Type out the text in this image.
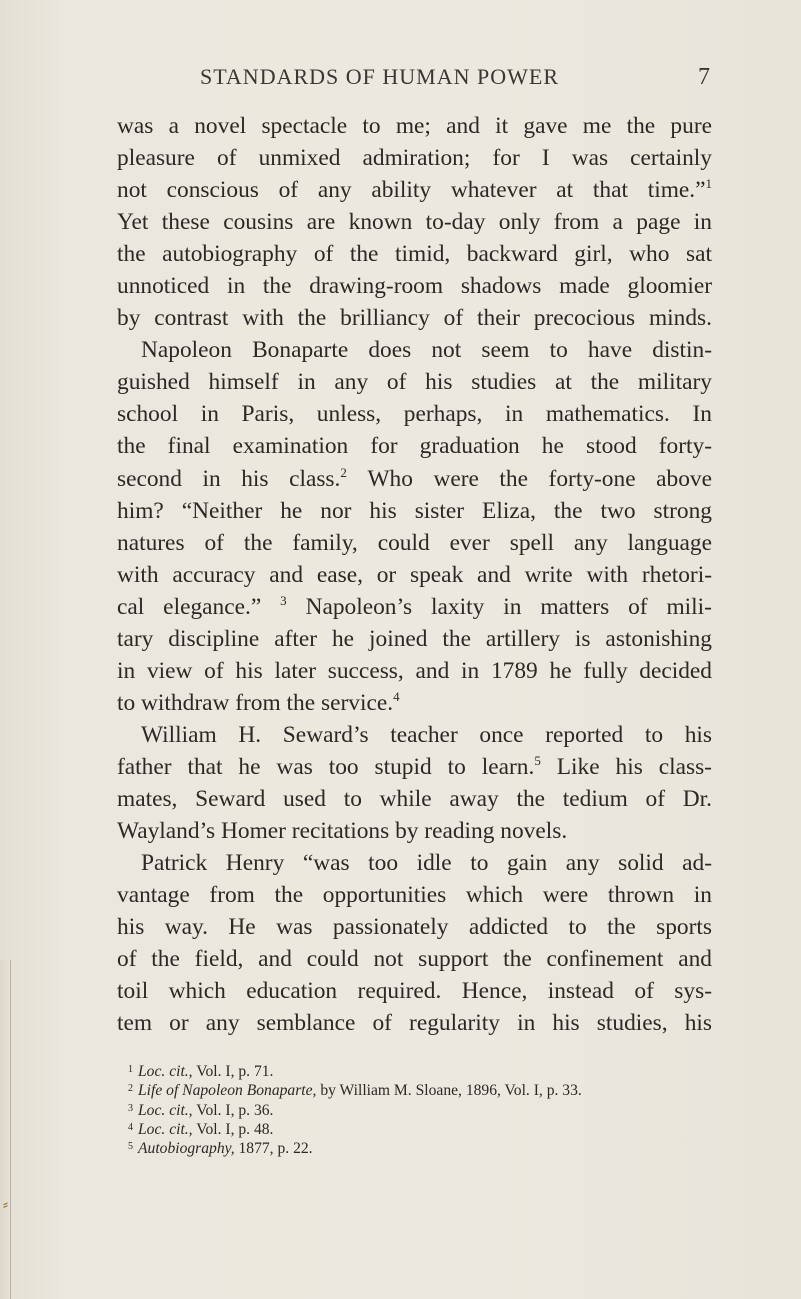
⸗
STANDARDS OF HUMAN POWER	7
was a novel spectacle to me; and it gave me the pure
pleasure of unmixed admiration; for I was certainly
not conscious of any ability whatever at that time.”$^1$
Yet these cousins are known to-day only from a page in
the autobiography of the timid, backward girl, who sat
unnoticed in the drawing-room shadows made gloomier
by contrast with the brilliancy of their precocious minds.
Napoleon Bonaparte does not seem to have distin-
guished himself in any of his studies at the military
school in Paris, unless, perhaps, in mathematics. In
the final examination for graduation he stood forty-
second in his class.$^2$ Who were the forty-one above
him? “Neither he nor his sister Eliza, the two strong
natures of the family, could ever spell any language
with accuracy and ease, or speak and write with rhetori-
cal elegance.” $^3$ Napoleon’s laxity in matters of mili-
tary discipline after he joined the artillery is astonishing
in view of his later success, and in 1789 he fully decided
to withdraw from the service.$^4$
William H. Seward’s teacher once reported to his
father that he was too stupid to learn.$^5$ Like his class-
mates, Seward used to while away the tedium of Dr.
Wayland’s Homer recitations by reading novels.
Patrick Henry “was too idle to gain any solid ad-
vantage from the opportunities which were thrown in
his way. He was passionately addicted to the sports
of the field, and could not support the confinement and
toil which education required. Hence, instead of sys-
tem or any semblance of regularity in his studies, his
$^1$ Loc. cit., Vol. I, p. 71.
$^2$ Life of Napoleon Bonaparte, by William M. Sloane, 1896, Vol. I, p. 33.
$^3$ Loc. cit., Vol. I, p. 36.
$^4$ Loc. cit., Vol. I, p. 48.
$^5$ Autobiography, 1877, p. 22.
